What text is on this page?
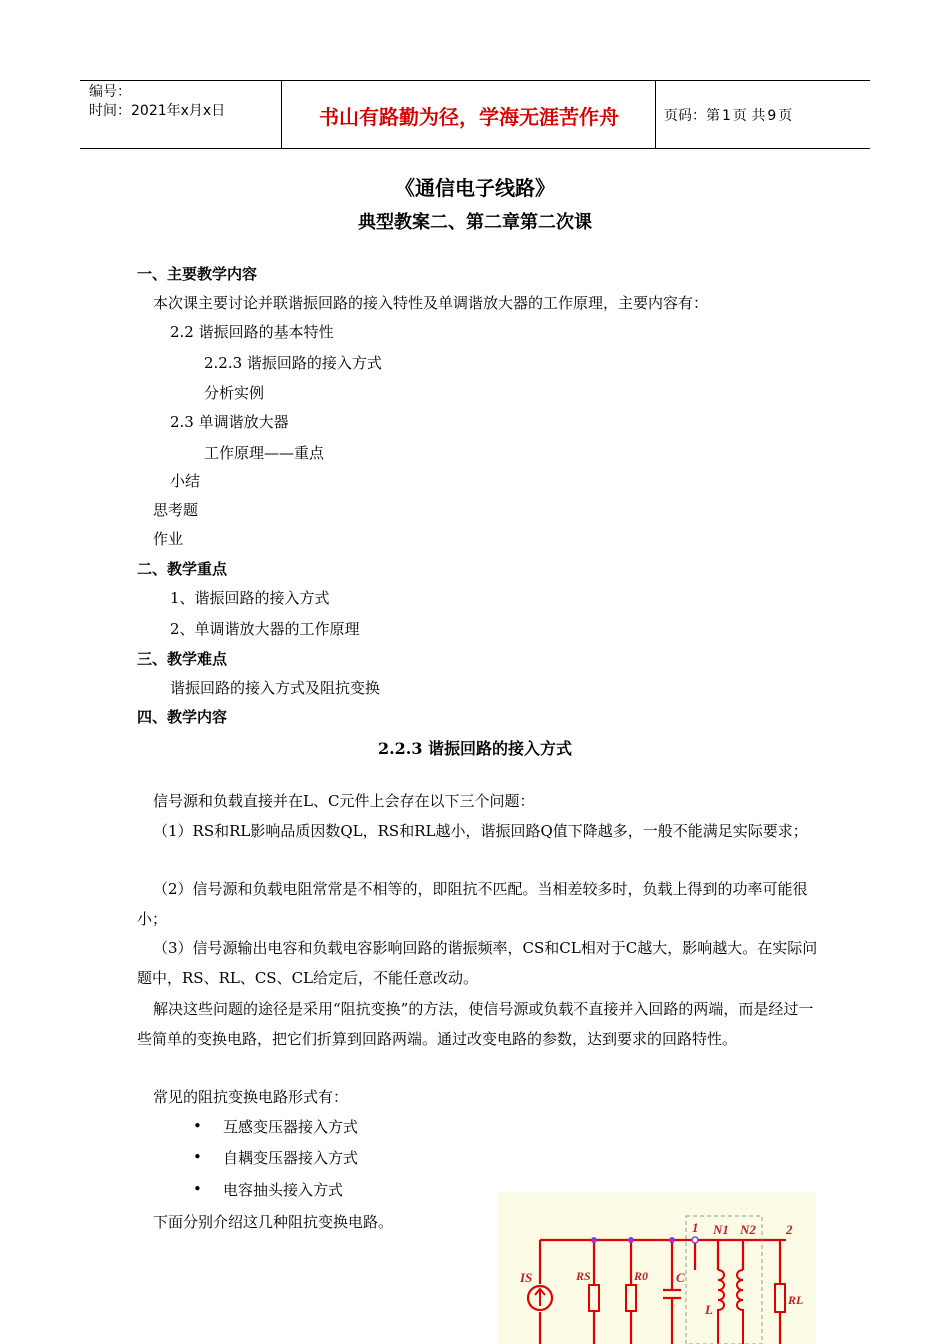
编号：
时间：2021年x月x日	书山有路勤为径，学海无涯苦作舟	页码：第 1 页 共 9 页
《通信电子线路》
典型教案二、第二章第二次课
一、主要教学内容
本次课主要讨论并联谐振回路的接入特性及单调谐放大器的工作原理，主要内容有：
2.2 谐振回路的基本特性
2.2.3 谐振回路的接入方式
分析实例
2.3 单调谐放大器
工作原理——重点
小结
思考题
作业
二、教学重点
1、谐振回路的接入方式
2、单调谐放大器的工作原理
三、教学难点
谐振回路的接入方式及阻抗变换
四、教学内容
2.2.3 谐振回路的接入方式
信号源和负载直接并在L、C元件上会存在以下三个问题：
（1）RS和RL影响品质因数QL，RS和RL越小，谐振回路Q值下降越多，一般不能满足实际要求；
（2）信号源和负载电阻常常是不相等的，即阻抗不匹配。当相差较多时，负载上得到的功率可能很小；
（3）信号源输出电容和负载电容影响回路的谐振频率，CS和CL相对于C越大，影响越大。在实际问题中，RS、RL、CS、CL给定后，不能任意改动。
解决这些问题的途径是采用“阻抗变换”的方法，使信号源或负载不直接并入回路的两端，而是经过一些简单的变换电路，把它们折算到回路两端。通过改变电路的参数，达到要求的回路特性。
常见的阻抗变换电路形式有：
• 互感变压器接入方式
• 自耦变压器接入方式
• 电容抽头接入方式
下面分别介绍这几种阻抗变换电路。
IS	RS	R0 C
L
N1 N2
RL
1	2
